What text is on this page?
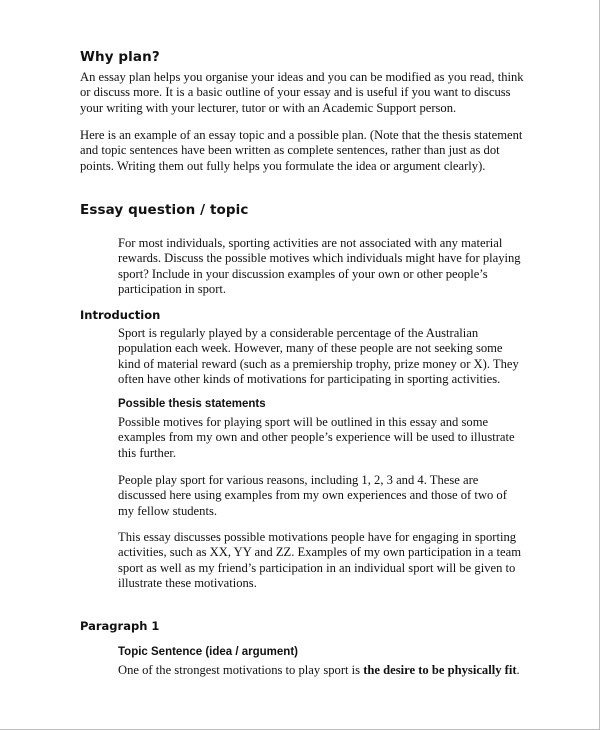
Why plan?

An essay plan helps you organise your ideas and you can be modified as you read, think
or discuss more. It is a basic outline of your essay and is useful if you want to discuss
your writing with your lecturer, tutor or with an Academic Support person.

Here is an example of an essay topic and a possible plan. (Note that the thesis statement
and topic sentences have been written as complete sentences, rather than just as dot
points. Writing them out fully helps you formulate the idea or argument clearly).

Essay question / topic

For most individuals, sporting activities are not associated with any material
rewards. Discuss the possible motives which individuals might have for playing
sport? Include in your discussion examples of your own or other people’s
participation in sport.

Introduction

Sport is regularly played by a considerable percentage of the Australian
population each week. However, many of these people are not seeking some
kind of material reward (such as a premiership trophy, prize money or X). They
often have other kinds of motivations for participating in sporting activities.

Possible thesis statements

Possible motives for playing sport will be outlined in this essay and some
examples from my own and other people’s experience will be used to illustrate
this further.

People play sport for various reasons, including 1, 2, 3 and 4. These are
discussed here using examples from my own experiences and those of two of
my fellow students.

This essay discusses possible motivations people have for engaging in sporting
activities, such as XX, YY and ZZ. Examples of my own participation in a team
sport as well as my friend’s participation in an individual sport will be given to
illustrate these motivations.

Paragraph 1
Topic Sentence (idea / argument)

One of the strongest motivations to play sport is the desire to be physically fit.
